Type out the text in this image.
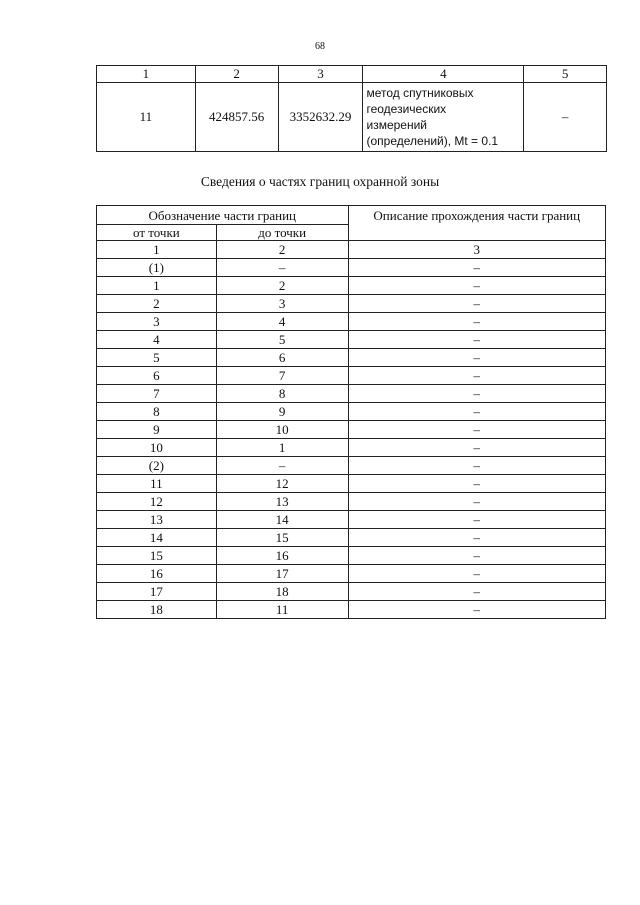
68
1	2	3	4	5
11	424857.56	3352632.29	метод спутниковых
геодезических
измерений
(определений), Mt = 0.1	–
Сведения о частях границ охранной зоны
Обозначение части границ		Описание прохождения части границ
от точки	до точки	
1	2	3
(1)	–	–
1	2	–
2	3	–
3	4	–
4	5	–
5	6	–
6	7	–
7	8	–
8	9	–
9	10	–
10	1	–
(2)	–	–
11	12	–
12	13	–
13	14	–
14	15	–
15	16	–
16	17	–
17	18	–
18	11	–
